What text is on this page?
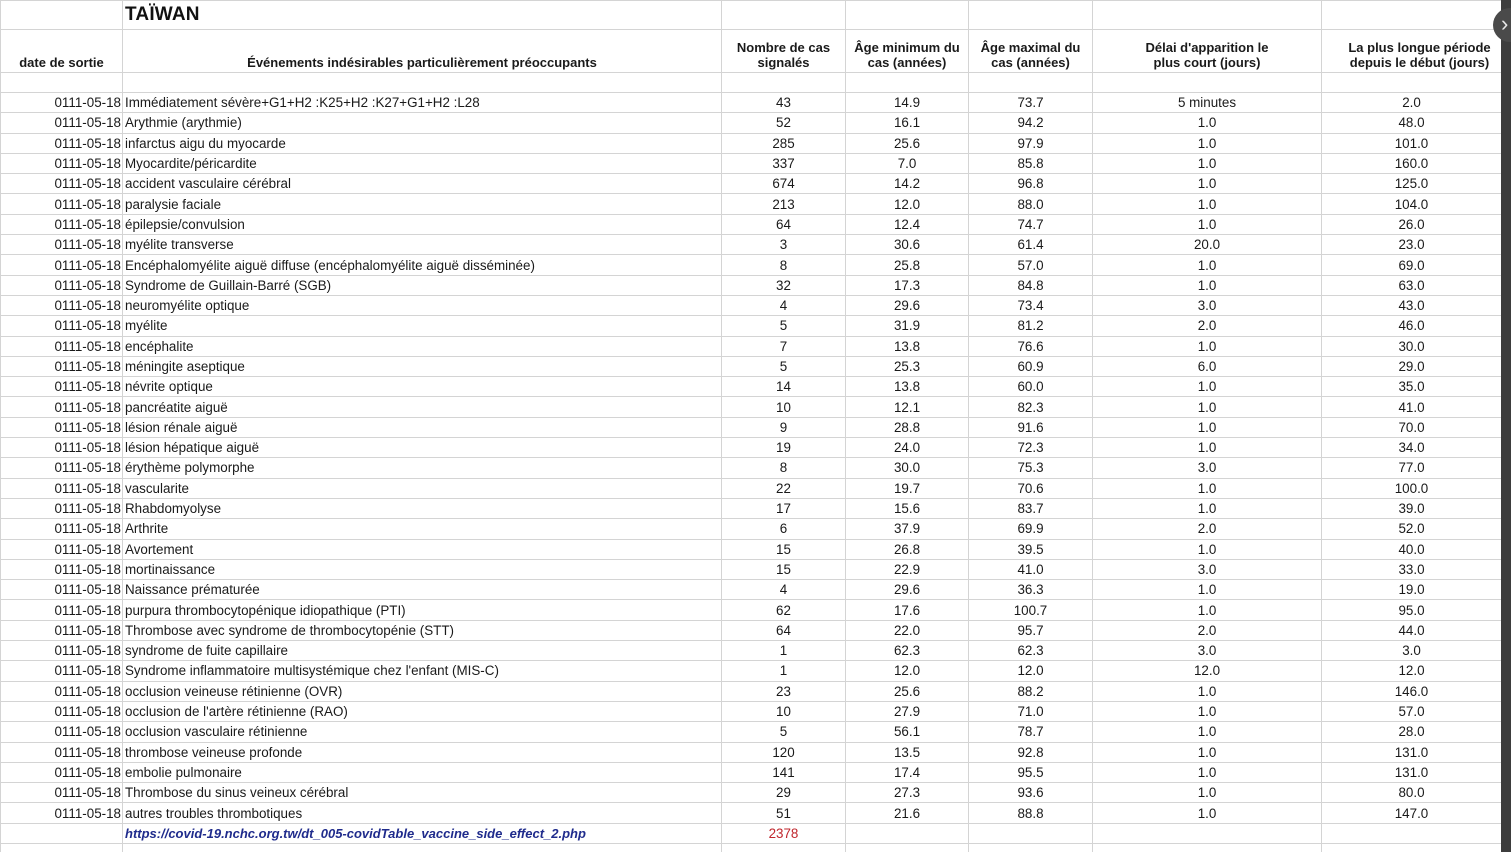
	TAÏWAN					
date de sortie	Événements indésirables particulièrement préoccupants	Nombre de cas signalés	Âge minimum du cas (années)	Âge maximal du cas (années)	Délai d'apparition le plus court (jours)	La plus longue période depuis le début (jours)

0111-05-18	Immédiatement sévère+G1+H2 :K25+H2 :K27+G1+H2 :L28	43	14.9	73.7	5 minutes	2.0
0111-05-18	Arythmie (arythmie)	52	16.1	94.2	1.0	48.0
0111-05-18	infarctus aigu du myocarde	285	25.6	97.9	1.0	101.0
0111-05-18	Myocardite/péricardite	337	7.0	85.8	1.0	160.0
0111-05-18	accident vasculaire cérébral	674	14.2	96.8	1.0	125.0
0111-05-18	paralysie faciale	213	12.0	88.0	1.0	104.0
0111-05-18	épilepsie/convulsion	64	12.4	74.7	1.0	26.0
0111-05-18	myélite transverse	3	30.6	61.4	20.0	23.0
0111-05-18	Encéphalomyélite aiguë diffuse (encéphalomyélite aiguë disséminée)	8	25.8	57.0	1.0	69.0
0111-05-18	Syndrome de Guillain-Barré (SGB)	32	17.3	84.8	1.0	63.0
0111-05-18	neuromyélite optique	4	29.6	73.4	3.0	43.0
0111-05-18	myélite	5	31.9	81.2	2.0	46.0
0111-05-18	encéphalite	7	13.8	76.6	1.0	30.0
0111-05-18	méningite aseptique	5	25.3	60.9	6.0	29.0
0111-05-18	névrite optique	14	13.8	60.0	1.0	35.0
0111-05-18	pancréatite aiguë	10	12.1	82.3	1.0	41.0
0111-05-18	lésion rénale aiguë	9	28.8	91.6	1.0	70.0
0111-05-18	lésion hépatique aiguë	19	24.0	72.3	1.0	34.0
0111-05-18	érythème polymorphe	8	30.0	75.3	3.0	77.0
0111-05-18	vascularite	22	19.7	70.6	1.0	100.0
0111-05-18	Rhabdomyolyse	17	15.6	83.7	1.0	39.0
0111-05-18	Arthrite	6	37.9	69.9	2.0	52.0
0111-05-18	Avortement	15	26.8	39.5	1.0	40.0
0111-05-18	mortinaissance	15	22.9	41.0	3.0	33.0
0111-05-18	Naissance prématurée	4	29.6	36.3	1.0	19.0
0111-05-18	purpura thrombocytopénique idiopathique (PTI)	62	17.6	100.7	1.0	95.0
0111-05-18	Thrombose avec syndrome de thrombocytopénie (STT)	64	22.0	95.7	2.0	44.0
0111-05-18	syndrome de fuite capillaire	1	62.3	62.3	3.0	3.0
0111-05-18	Syndrome inflammatoire multisystémique chez l'enfant (MIS-C)	1	12.0	12.0	12.0	12.0
0111-05-18	occlusion veineuse rétinienne (OVR)	23	25.6	88.2	1.0	146.0
0111-05-18	occlusion de l'artère rétinienne (RAO)	10	27.9	71.0	1.0	57.0
0111-05-18	occlusion vasculaire rétinienne	5	56.1	78.7	1.0	28.0
0111-05-18	thrombose veineuse profonde	120	13.5	92.8	1.0	131.0
0111-05-18	embolie pulmonaire	141	17.4	95.5	1.0	131.0
0111-05-18	Thrombose du sinus veineux cérébral	29	27.3	93.6	1.0	80.0
0111-05-18	autres troubles thrombotiques	51	21.6	88.8	1.0	147.0
	https://covid-19.nchc.org.tw/dt_005-covidTable_vaccine_side_effect_2.php	2378				

›
